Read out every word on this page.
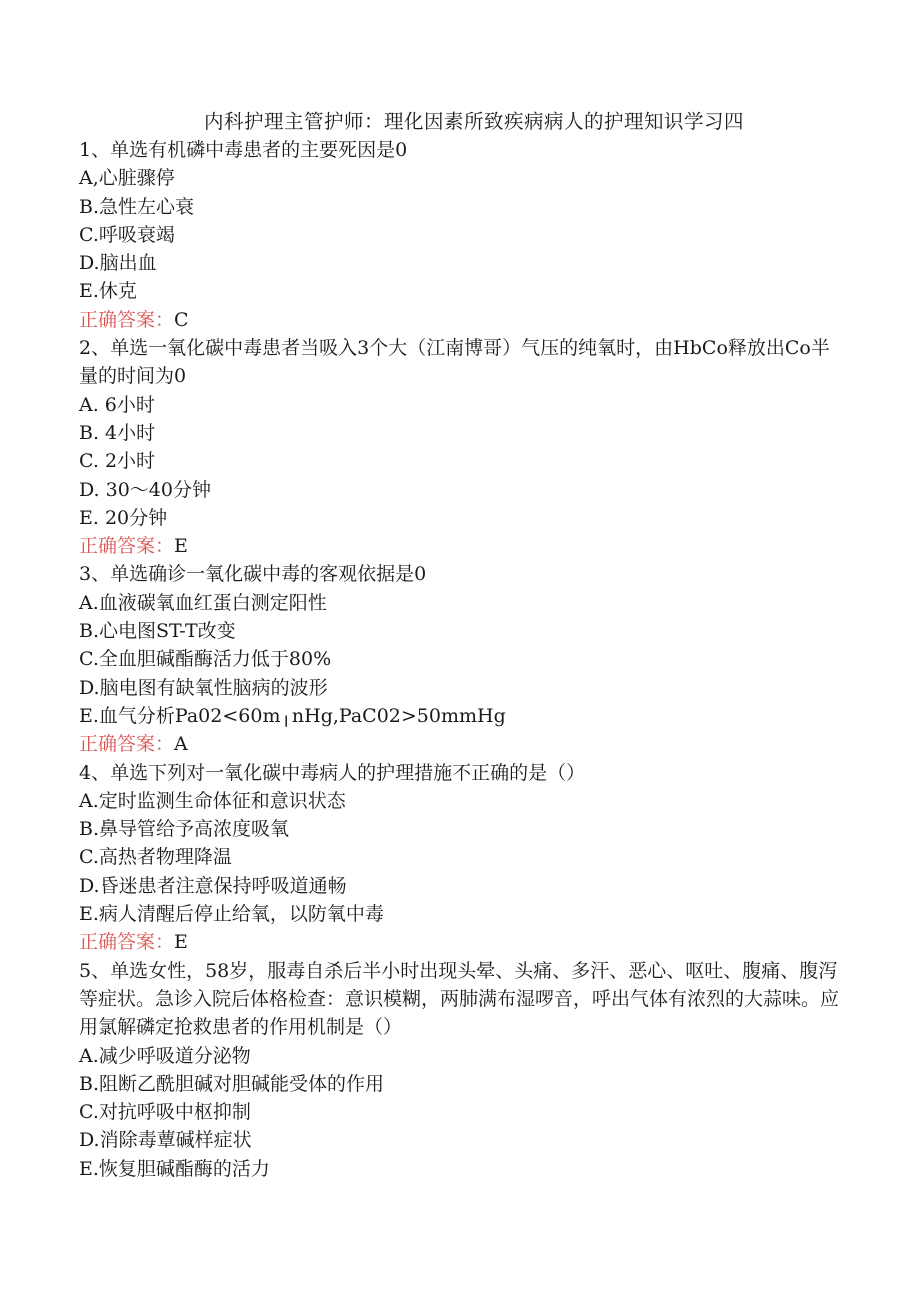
内科护理主管护师：理化因素所致疾病病人的护理知识学习四
1、单选有机磷中毒患者的主要死因是0
A,心脏骤停
B.急性左心衰
C.呼吸衰竭
D.脑出血
E.休克
正确答案：C
2、单选一氧化碳中毒患者当吸入3个大（江南博哥）气压的纯氧时，由HbCo释放出Co半量的时间为0
A. 6小时
B. 4小时
C. 2小时
D. 30～40分钟
E. 20分钟
正确答案：E
3、单选确诊一氧化碳中毒的客观依据是0
A.血液碳氧血红蛋白测定阳性
B.心电图ST-T改变
C.全血胆碱酯酶活力低于80%
D.脑电图有缺氧性脑病的波形
E.血气分析Pa02<60m╷nHg,PaC02>50mmHg
正确答案：A
4、单选下列对一氧化碳中毒病人的护理措施不正确的是（）
A.定时监测生命体征和意识状态
B.鼻导管给予高浓度吸氧
C.高热者物理降温
D.昏迷患者注意保持呼吸道通畅
E.病人清醒后停止给氧，以防氧中毒
正确答案：E
5、单选女性，58岁，服毒自杀后半小时出现头晕、头痛、多汗、恶心、呕吐、腹痛、腹泻等症状。急诊入院后体格检查：意识模糊，两肺满布湿啰音，呼出气体有浓烈的大蒜味。应用氯解磷定抢救患者的作用机制是（）
A.减少呼吸道分泌物
B.阻断乙酰胆碱对胆碱能受体的作用
C.对抗呼吸中枢抑制
D.消除毒蕈碱样症状
E.恢复胆碱酯酶的活力
